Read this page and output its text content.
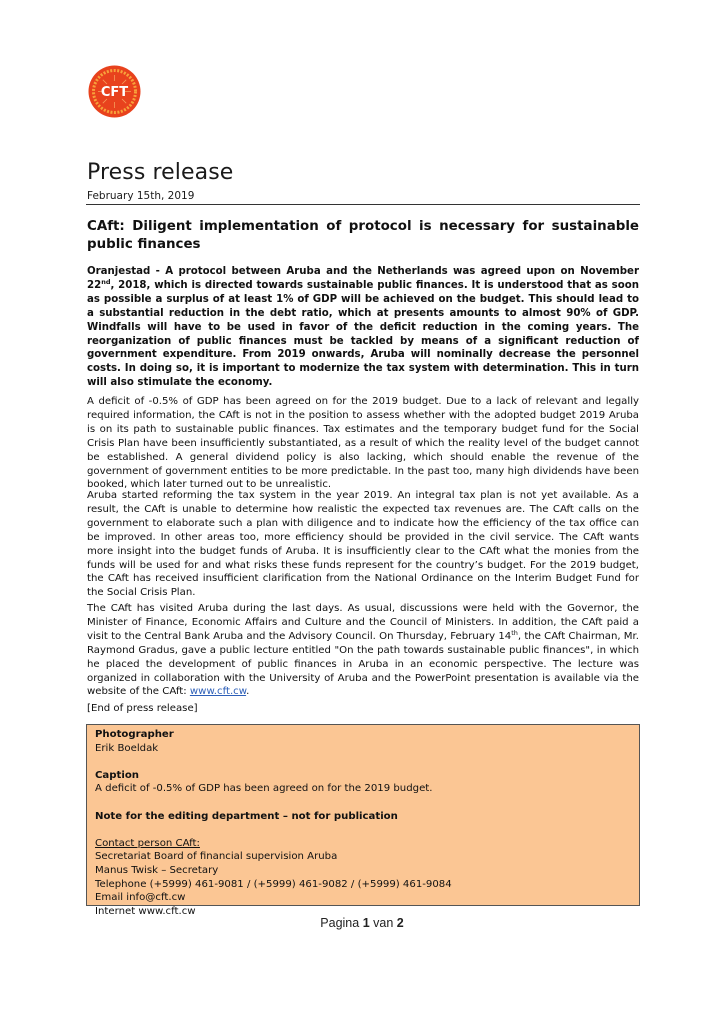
CFT
Press release
February 15th, 2019
CAft: Diligent implementation of protocol is necessary for sustainable public finances
Oranjestad - A protocol between Aruba and the Netherlands was agreed upon on November 22nd, 2018, which is directed towards sustainable public finances. It is understood that as soon as possible a surplus of at least 1% of GDP will be achieved on the budget. This should lead to a substantial reduction in the debt ratio, which at presents amounts to almost 90% of GDP. Windfalls will have to be used in favor of the deficit reduction in the coming years. The reorganization of public finances must be tackled by means of a significant reduction of government expenditure. From 2019 onwards, Aruba will nominally decrease the personnel costs. In doing so, it is important to modernize the tax system with determination. This in turn will also stimulate the economy.
A deficit of -0.5% of GDP has been agreed on for the 2019 budget. Due to a lack of relevant and legally required information, the CAft is not in the position to assess whether with the adopted budget 2019 Aruba is on its path to sustainable public finances. Tax estimates and the temporary budget fund for the Social Crisis Plan have been insufficiently substantiated, as a result of which the reality level of the budget cannot be established. A general dividend policy is also lacking, which should enable the revenue of the government of government entities to be more predictable. In the past too, many high dividends have been booked, which later turned out to be unrealistic.
Aruba started reforming the tax system in the year 2019. An integral tax plan is not yet available. As a result, the CAft is unable to determine how realistic the expected tax revenues are. The CAft calls on the government to elaborate such a plan with diligence and to indicate how the efficiency of the tax office can be improved. In other areas too, more efficiency should be provided in the civil service. The CAft wants more insight into the budget funds of Aruba. It is insufficiently clear to the CAft what the monies from the funds will be used for and what risks these funds represent for the country’s budget. For the 2019 budget, the CAft has received insufficient clarification from the National Ordinance on the Interim Budget Fund for the Social Crisis Plan.
The CAft has visited Aruba during the last days. As usual, discussions were held with the Governor, the Minister of Finance, Economic Affairs and Culture and the Council of Ministers. In addition, the CAft paid a visit to the Central Bank Aruba and the Advisory Council. On Thursday, February 14th, the CAft Chairman, Mr. Raymond Gradus, gave a public lecture entitled "On the path towards sustainable public finances", in which he placed the development of public finances in Aruba in an economic perspective. The lecture was organized in collaboration with the University of Aruba and the PowerPoint presentation is available via the website of the CAft: www.cft.cw.
[End of press release]
Photographer
Erik Boeldak
Caption
A deficit of -0.5% of GDP has been agreed on for the 2019 budget.
Note for the editing department – not for publication
Contact person CAft:
Secretariat Board of financial supervision Aruba
Manus Twisk – Secretary
Telephone (+5999) 461-9081 / (+5999) 461-9082 / (+5999) 461-9084
Email info@cft.cw
Internet www.cft.cw
Pagina 1 van 2
